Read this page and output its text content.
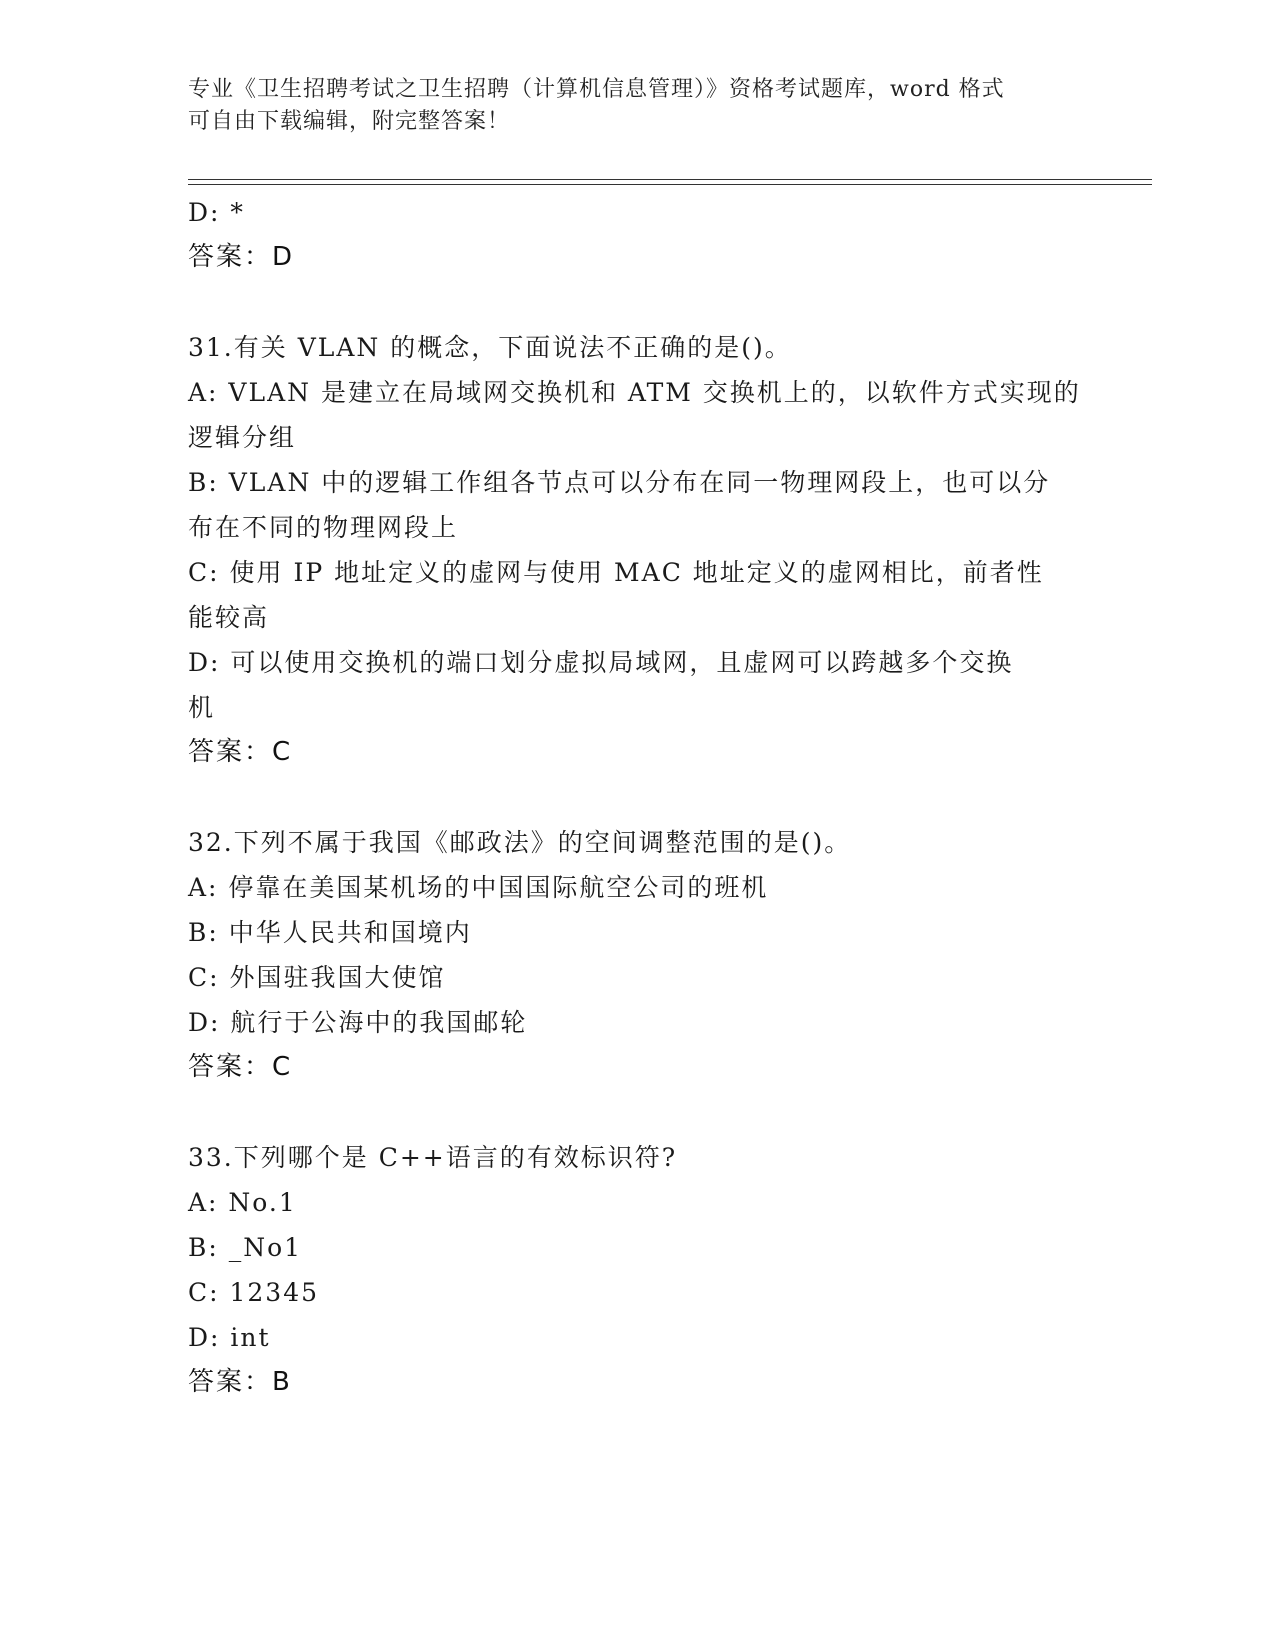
专业《卫生招聘考试之卫生招聘（计算机信息管理）》资格考试题库，word 格式
可自由下载编辑，附完整答案！
D: *
答案：D
31.有关 VLAN 的概念，下面说法不正确的是()。
A: VLAN 是建立在局域网交换机和 ATM 交换机上的，以软件方式实现的
逻辑分组
B: VLAN 中的逻辑工作组各节点可以分布在同一物理网段上，也可以分
布在不同的物理网段上
C: 使用 IP 地址定义的虚网与使用 MAC 地址定义的虚网相比，前者性
能较高
D: 可以使用交换机的端口划分虚拟局域网，且虚网可以跨越多个交换
机
答案：C
32.下列不属于我国《邮政法》的空间调整范围的是()。
A: 停靠在美国某机场的中国国际航空公司的班机
B: 中华人民共和国境内
C: 外国驻我国大使馆
D: 航行于公海中的我国邮轮
答案：C
33.下列哪个是 C++语言的有效标识符?
A: No.1
B: _No1
C: 12345
D: int
答案：B
